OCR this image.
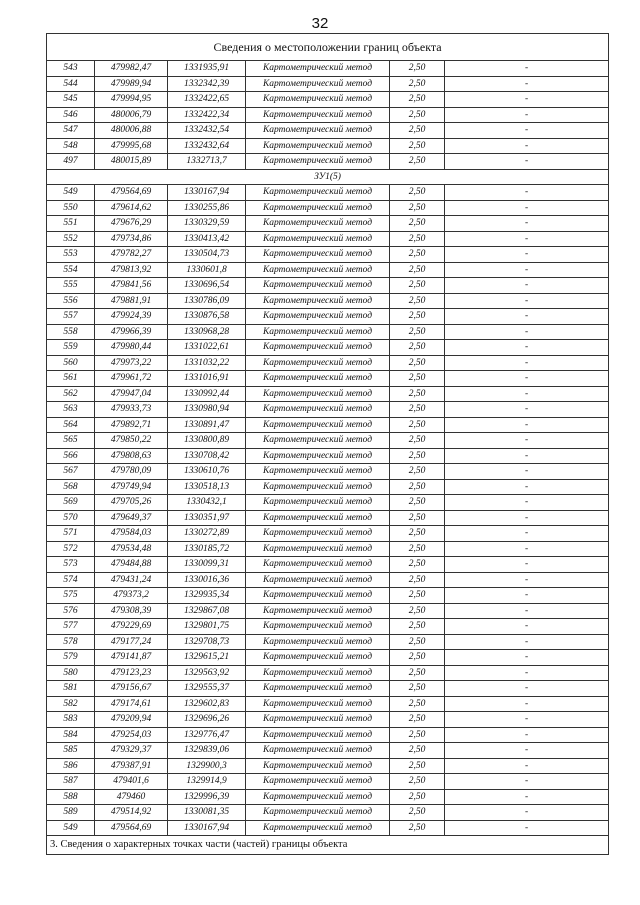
32
Сведения о местоположении границ объекта					
543	479982,47	1331935,91	Картометрический метод	2,50	-
544	479989,94	1332342,39	Картометрический метод	2,50	-
545	479994,95	1332422,65	Картометрический метод	2,50	-
546	480006,79	1332422,34	Картометрический метод	2,50	-
547	480006,88	1332432,54	Картометрический метод	2,50	-
548	479995,68	1332432,64	Картометрический метод	2,50	-
497	480015,89	1332713,7	Картометрический метод	2,50	-
ЗУ1(5)					
549	479564,69	1330167,94	Картометрический метод	2,50	-
550	479614,62	1330255,86	Картометрический метод	2,50	-
551	479676,29	1330329,59	Картометрический метод	2,50	-
552	479734,86	1330413,42	Картометрический метод	2,50	-
553	479782,27	1330504,73	Картометрический метод	2,50	-
554	479813,92	1330601,8	Картометрический метод	2,50	-
555	479841,56	1330696,54	Картометрический метод	2,50	-
556	479881,91	1330786,09	Картометрический метод	2,50	-
557	479924,39	1330876,58	Картометрический метод	2,50	-
558	479966,39	1330968,28	Картометрический метод	2,50	-
559	479980,44	1331022,61	Картометрический метод	2,50	-
560	479973,22	1331032,22	Картометрический метод	2,50	-
561	479961,72	1331016,91	Картометрический метод	2,50	-
562	479947,04	1330992,44	Картометрический метод	2,50	-
563	479933,73	1330980,94	Картометрический метод	2,50	-
564	479892,71	1330891,47	Картометрический метод	2,50	-
565	479850,22	1330800,89	Картометрический метод	2,50	-
566	479808,63	1330708,42	Картометрический метод	2,50	-
567	479780,09	1330610,76	Картометрический метод	2,50	-
568	479749,94	1330518,13	Картометрический метод	2,50	-
569	479705,26	1330432,1	Картометрический метод	2,50	-
570	479649,37	1330351,97	Картометрический метод	2,50	-
571	479584,03	1330272,89	Картометрический метод	2,50	-
572	479534,48	1330185,72	Картометрический метод	2,50	-
573	479484,88	1330099,31	Картометрический метод	2,50	-
574	479431,24	1330016,36	Картометрический метод	2,50	-
575	479373,2	1329935,34	Картометрический метод	2,50	-
576	479308,39	1329867,08	Картометрический метод	2,50	-
577	479229,69	1329801,75	Картометрический метод	2,50	-
578	479177,24	1329708,73	Картометрический метод	2,50	-
579	479141,87	1329615,21	Картометрический метод	2,50	-
580	479123,23	1329563,92	Картометрический метод	2,50	-
581	479156,67	1329555,37	Картометрический метод	2,50	-
582	479174,61	1329602,83	Картометрический метод	2,50	-
583	479209,94	1329696,26	Картометрический метод	2,50	-
584	479254,03	1329776,47	Картометрический метод	2,50	-
585	479329,37	1329839,06	Картометрический метод	2,50	-
586	479387,91	1329900,3	Картометрический метод	2,50	-
587	479401,6	1329914,9	Картометрический метод	2,50	-
588	479460	1329996,39	Картометрический метод	2,50	-
589	479514,92	1330081,35	Картометрический метод	2,50	-
549	479564,69	1330167,94	Картометрический метод	2,50	-
3. Сведения о характерных точках части (частей) границы объекта					
